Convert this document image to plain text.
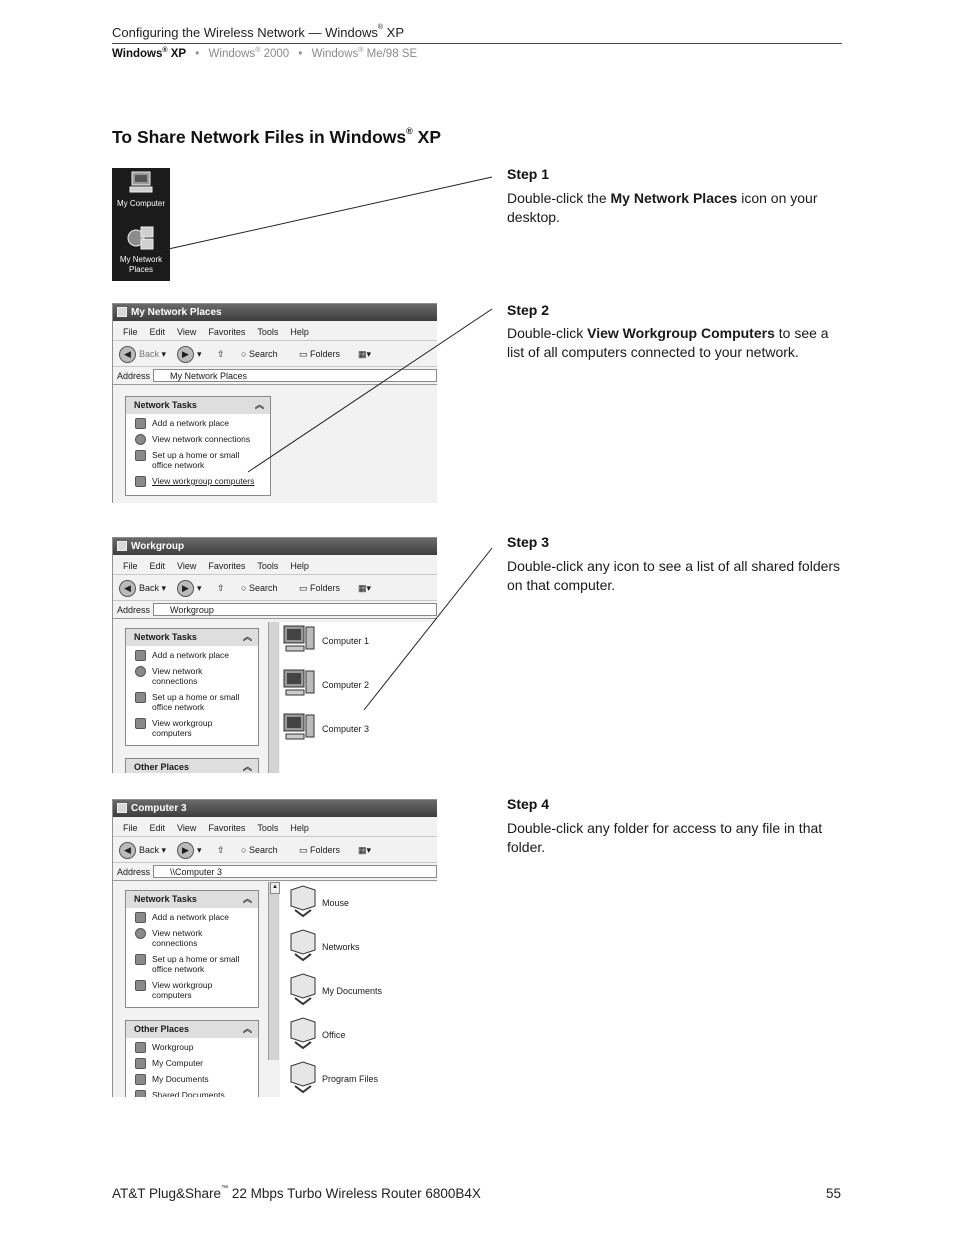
Configuring the Wireless Network — Windows® XP
Windows® XP • Windows® 2000 • Windows® Me/98 SE
To Share Network Files in Windows® XP
My Computer
My Network
Places
My Network Places
File Edit View Favorites Tools Help
◀ Back ▾	▶ ▾ ⇧ ○ Search ▭ Folders ▦▾
Address	My Network Places
Network Tasks	︽
Add a network place
View network connections
Set up a home or small
office network
View workgroup computers
Workgroup
File Edit View Favorites Tools Help
◀ Back ▾	▶ ▾ ⇧ ○ Search ▭ Folders ▦▾
Address	Workgroup
Network Tasks	︽
Add a network place
View network
connections
Set up a home or small
office network
View workgroup
computers
Other Places	︽
Computer 1
Computer 2
Computer 3
Computer 3
File Edit View Favorites Tools Help
◀ Back ▾	▶ ▾ ⇧ ○ Search ▭ Folders ▦▾
Address	\\Computer 3
Network Tasks	︽
Add a network place
View network
connections
Set up a home or small
office network
View workgroup
computers
Other Places	︽
Workgroup
My Computer
My Documents
Shared Documents
▲
Mouse
Networks
My Documents
Office
Program Files
Step 1
Double-click the My Network Places icon on your desktop.
Step 2
Double-click View Workgroup Computers to see a list of all computers connected to your network.
Step 3
Double-click any icon to see a list of all shared folders on that computer.
Step 4
Double-click any folder for access to any file in that folder.
AT&T Plug&Share™ 22 Mbps Turbo Wireless Router 6800B4X	55
